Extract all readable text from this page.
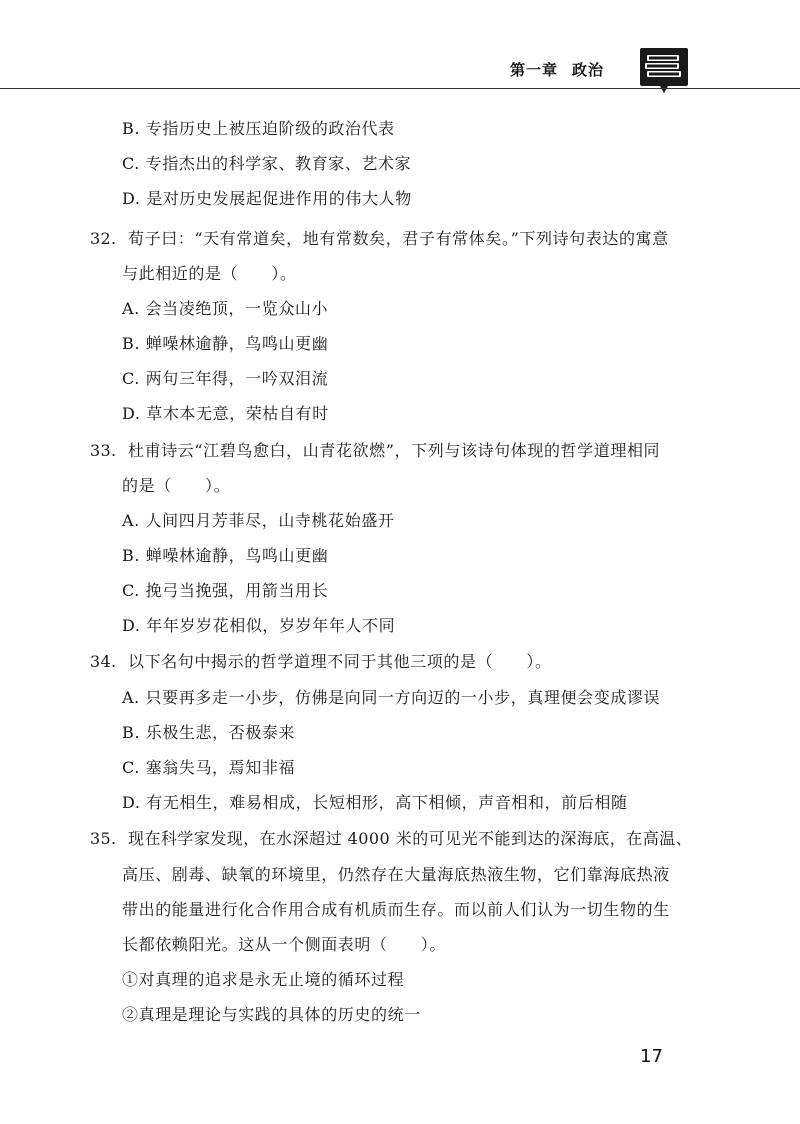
第一章 政治
B. 专指历史上被压迫阶级的政治代表
C. 专指杰出的科学家、教育家、艺术家
D. 是对历史发展起促进作用的伟大人物
32. 荀子曰：“天有常道矣，地有常数矣，君子有常体矣。”下列诗句表达的寓意
与此相近的是（　　）。
A. 会当凌绝顶，一览众山小
B. 蝉噪林逾静，鸟鸣山更幽
C. 两句三年得，一吟双泪流
D. 草木本无意，荣枯自有时
33. 杜甫诗云“江碧鸟愈白，山青花欲燃”，下列与该诗句体现的哲学道理相同
的是（　　）。
A. 人间四月芳菲尽，山寺桃花始盛开
B. 蝉噪林逾静，鸟鸣山更幽
C. 挽弓当挽强，用箭当用长
D. 年年岁岁花相似，岁岁年年人不同
34. 以下名句中揭示的哲学道理不同于其他三项的是（　　）。
A. 只要再多走一小步，仿佛是向同一方向迈的一小步，真理便会变成谬误
B. 乐极生悲，否极泰来
C. 塞翁失马，焉知非福
D. 有无相生，难易相成，长短相形，高下相倾，声音相和，前后相随
35. 现在科学家发现，在水深超过 4000 米的可见光不能到达的深海底，在高温、
高压、剧毒、缺氧的环境里，仍然存在大量海底热液生物，它们靠海底热液
带出的能量进行化合作用合成有机质而生存。而以前人们认为一切生物的生
长都依赖阳光。这从一个侧面表明（　　）。
①对真理的追求是永无止境的循环过程
②真理是理论与实践的具体的历史的统一
17
